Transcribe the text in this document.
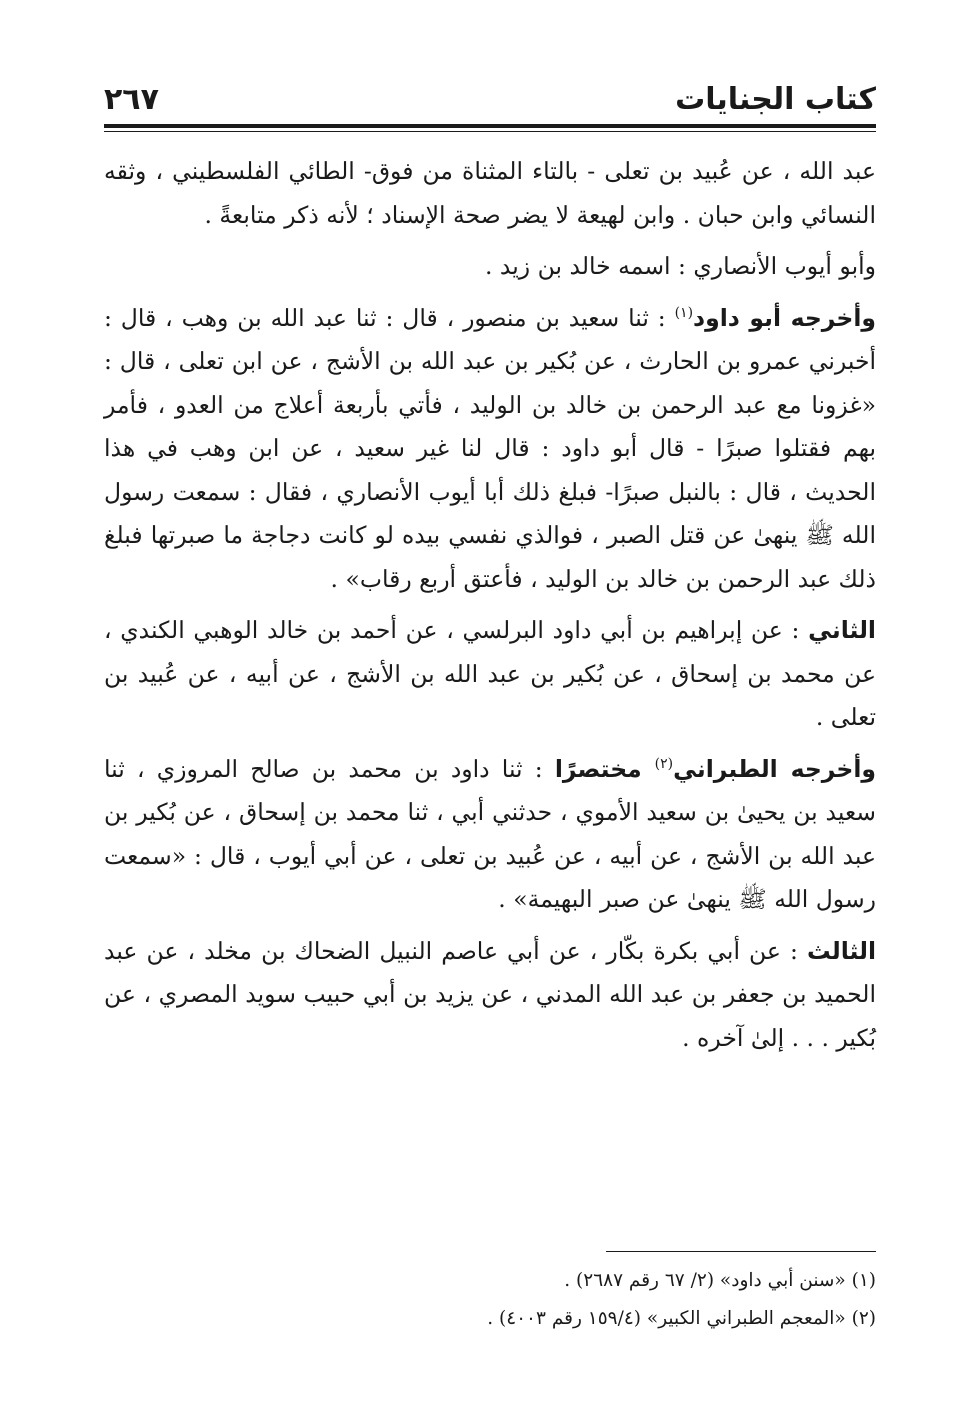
كتاب الجنايات
٢٦٧

عبد الله ، عن عُبيد بن تعلى - بالتاء المثناة من فوق- الطائي الفلسطيني ، وثقه النسائي وابن حبان . وابن لهيعة لا يضر صحة الإسناد ؛ لأنه ذكر متابعةً .

وأبو أيوب الأنصاري : اسمه خالد بن زيد .

وأخرجه أبو داود$^{(١)}$ : ثنا سعيد بن منصور ، قال : ثنا عبد الله بن وهب ، قال : أخبرني عمرو بن الحارث ، عن بُكير بن عبد الله بن الأشج ، عن ابن تعلى ، قال : «غزونا مع عبد الرحمن بن خالد بن الوليد ، فأتي بأربعة أعلاج من العدو ، فأمر بهم فقتلوا صبرًا - قال أبو داود : قال لنا غير سعيد ، عن ابن وهب في هذا الحديث ، قال : بالنبل صبرًا- فبلغ ذلك أبا أيوب الأنصاري ، فقال : سمعت رسول الله ﷺ ينهىٰ عن قتل الصبر ، فوالذي نفسي بيده لو كانت دجاجة ما صبرتها فبلغ ذلك عبد الرحمن بن خالد بن الوليد ، فأعتق أربع رقاب» .

الثاني : عن إبراهيم بن أبي داود البرلسي ، عن أحمد بن خالد الوهبي الكندي ، عن محمد بن إسحاق ، عن بُكير بن عبد الله بن الأشج ، عن أبيه ، عن عُبيد بن تعلى .

وأخرجه الطبراني$^{(٢)}$ مختصرًا : ثنا داود بن محمد بن صالح المروزي ، ثنا سعيد بن يحيىٰ بن سعيد الأموي ، حدثني أبي ، ثنا محمد بن إسحاق ، عن بُكير بن عبد الله بن الأشج ، عن أبيه ، عن عُبيد بن تعلى ، عن أبي أيوب ، قال : «سمعت رسول الله ﷺ ينهىٰ عن صبر البهيمة» .

الثالث : عن أبي بكرة بكّار ، عن أبي عاصم النبيل الضحاك بن مخلد ، عن عبد الحميد بن جعفر بن عبد الله المدني ، عن يزيد بن أبي حبيب سويد المصري ، عن بُكير . . . إلىٰ آخره .

(١) «سنن أبي داود» (٢/ ٦٧ رقم ٢٦٨٧) .
(٢) «المعجم الطبراني الكبير» (١٥٩/٤ رقم ٤٠٠٣) .
